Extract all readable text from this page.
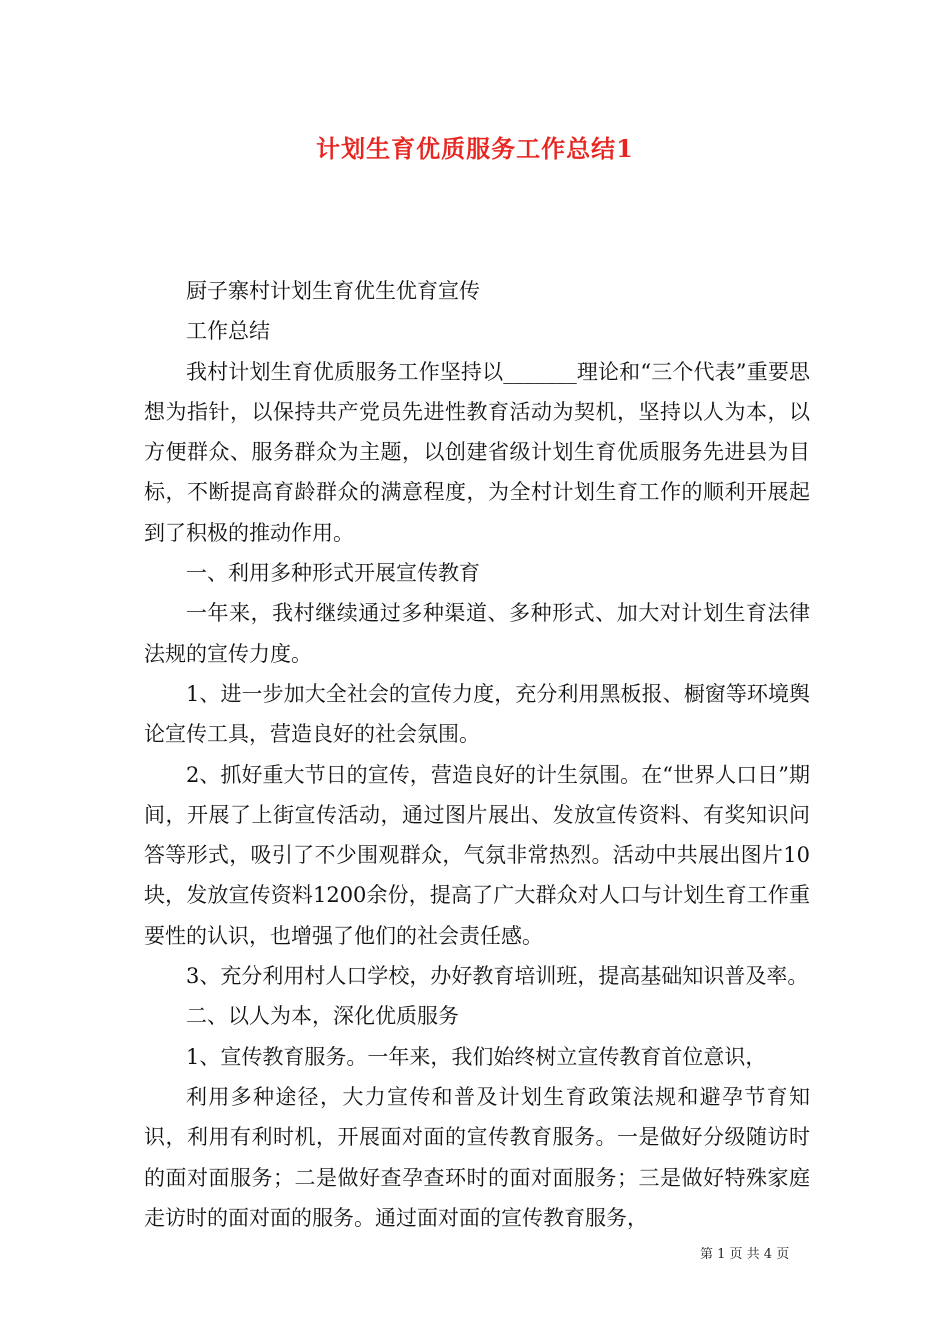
计划生育优质服务工作总结1

厨子寨村计划生育优生优育宣传

工作总结

我村计划生育优质服务工作坚持以_______理论和“三个代表”重要思想为指针，以保持共产党员先进性教育活动为契机，坚持以人为本，以方便群众、服务群众为主题，以创建省级计划生育优质服务先进县为目标，不断提高育龄群众的满意程度，为全村计划生育工作的顺利开展起到了积极的推动作用。

一、利用多种形式开展宣传教育

一年来，我村继续通过多种渠道、多种形式、加大对计划生育法律法规的宣传力度。

1、进一步加大全社会的宣传力度，充分利用黑板报、橱窗等环境舆论宣传工具，营造良好的社会氛围。

2、抓好重大节日的宣传，营造良好的计生氛围。在“世界人口日”期间，开展了上街宣传活动，通过图片展出、发放宣传资料、有奖知识问答等形式，吸引了不少围观群众，气氛非常热烈。活动中共展出图片10块，发放宣传资料1200余份，提高了广大群众对人口与计划生育工作重要性的认识，也增强了他们的社会责任感。

3、充分利用村人口学校，办好教育培训班，提高基础知识普及率。

二、以人为本，深化优质服务

1、宣传教育服务。一年来，我们始终树立宣传教育首位意识，

利用多种途径，大力宣传和普及计划生育政策法规和避孕节育知识，利用有利时机，开展面对面的宣传教育服务。一是做好分级随访时的面对面服务；二是做好查孕查环时的面对面服务；三是做好特殊家庭走访时的面对面的服务。通过面对面的宣传教育服务，

第 1 页 共 4 页
